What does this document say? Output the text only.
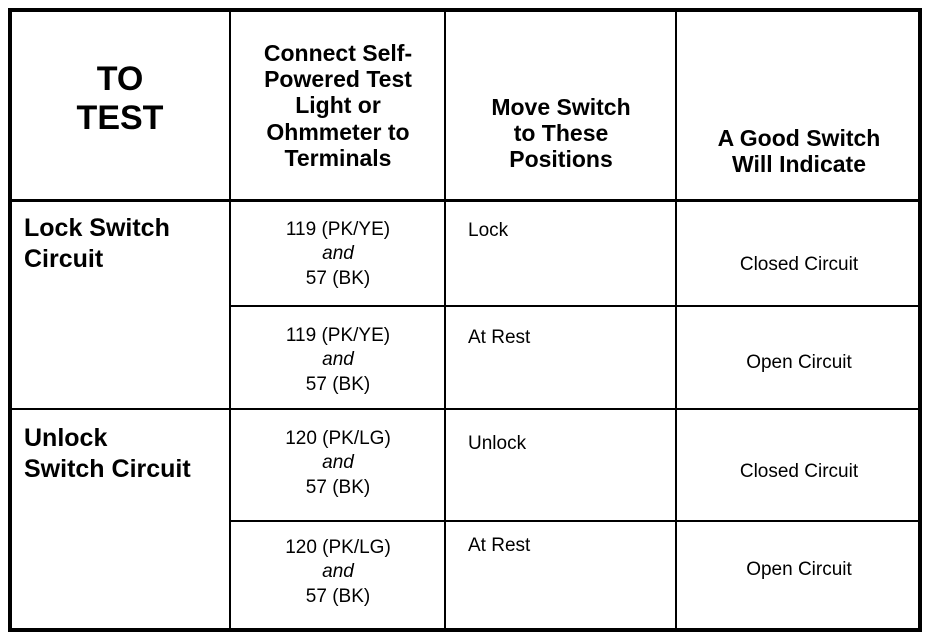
TO
TEST
Connect Self-
Powered Test
Light or
Ohmmeter to
Terminals
Move Switch
to These
Positions
A Good Switch
Will Indicate
Lock Switch
Circuit
Unlock
Switch Circuit
119 (PK/YE)
and
57 (BK)
Lock
Closed Circuit
119 (PK/YE)
and
57 (BK)
At Rest
Open Circuit
120 (PK/LG)
and
57 (BK)
Unlock
Closed Circuit
120 (PK/LG)
and
57 (BK)
At Rest
Open Circuit
